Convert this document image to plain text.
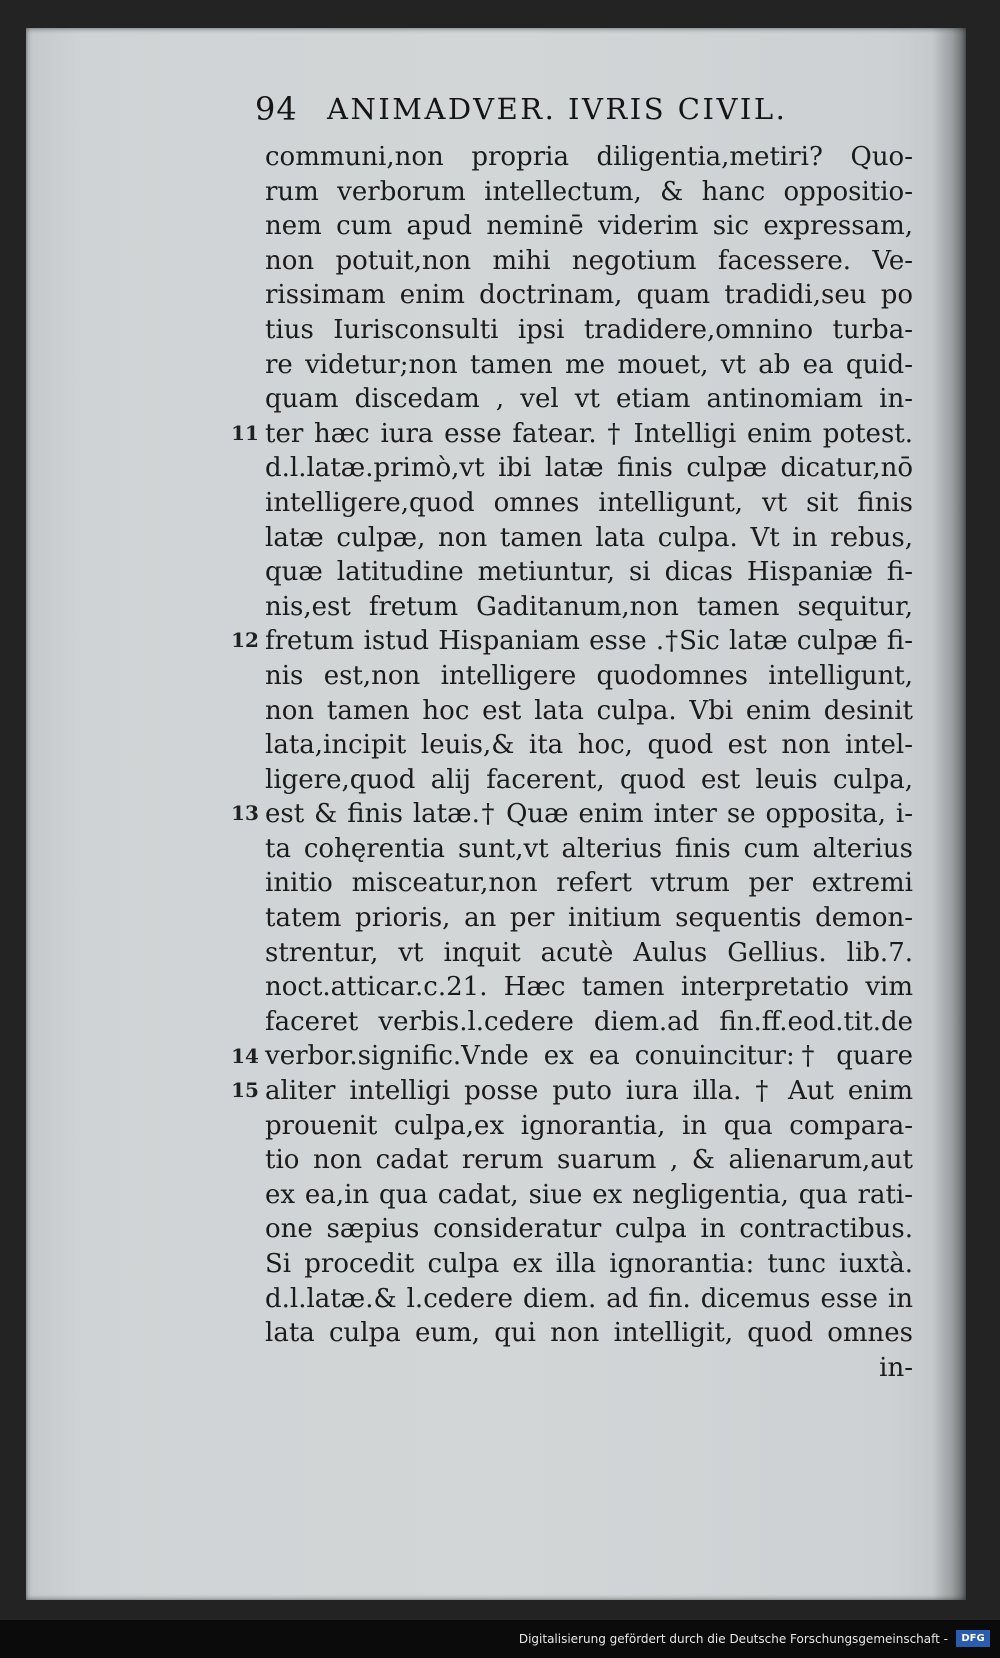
94 ANIMADVER. IVRIS CIVIL.
communi,non propria diligentia,metiri? Quo-
rum verborum intellectum, & hanc oppositio-
nem cum apud neminē viderim sic expressam,
non potuit,non mihi negotium facessere. Ve-
rissimam enim doctrinam, quam tradidi,seu po
tius Iurisconsulti ipsi tradidere,omnino turba-
re videtur;non tamen me mouet, vt ab ea quid-
quam discedam , vel vt etiam antinomiam in-
ter hæc iura esse fatear. † Intelligi enim potest.
d.l.latæ.primò,vt ibi latæ finis culpæ dicatur,nō
intelligere,quod omnes intelligunt, vt sit finis
latæ culpæ, non tamen lata culpa. Vt in rebus,
quæ latitudine metiuntur, si dicas Hispaniæ fi-
nis,est fretum Gaditanum,non tamen sequitur,
fretum istud Hispaniam esse .†Sic latæ culpæ fi-
nis est,non intelligere quodomnes intelligunt,
non tamen hoc est lata culpa. Vbi enim desinit
lata,incipit leuis,& ita hoc, quod est non intel-
ligere,quod alij facerent, quod est leuis culpa,
est & finis latæ.† Quæ enim inter se opposita, i-
ta cohęrentia sunt,vt alterius finis cum alterius
initio misceatur,non refert vtrum per extremi
tatem prioris, an per initium sequentis demon-
strentur, vt inquit acutè Aulus Gellius. lib.7.
noct.atticar.c.21. Hæc tamen interpretatio vim
faceret verbis.l.cedere diem.ad fin.ff.eod.tit.de
verbor.signific.Vnde ex ea conuincitur:† quare
aliter intelligi posse puto iura illa. † Aut enim
prouenit culpa,ex ignorantia, in qua compara-
tio non cadat rerum suarum , & alienarum,aut
ex ea,in qua cadat, siue ex negligentia, qua rati-
one sæpius consideratur culpa in contractibus.
Si procedit culpa ex illa ignorantia: tunc iuxtà.
d.l.latæ.& l.cedere diem. ad fin. dicemus esse in
lata culpa eum, qui non intelligit, quod omnes
in-
11
12
13
14
15
Digitalisierung gefördert durch die Deutsche Forschungsgemeinschaft -	DFG
